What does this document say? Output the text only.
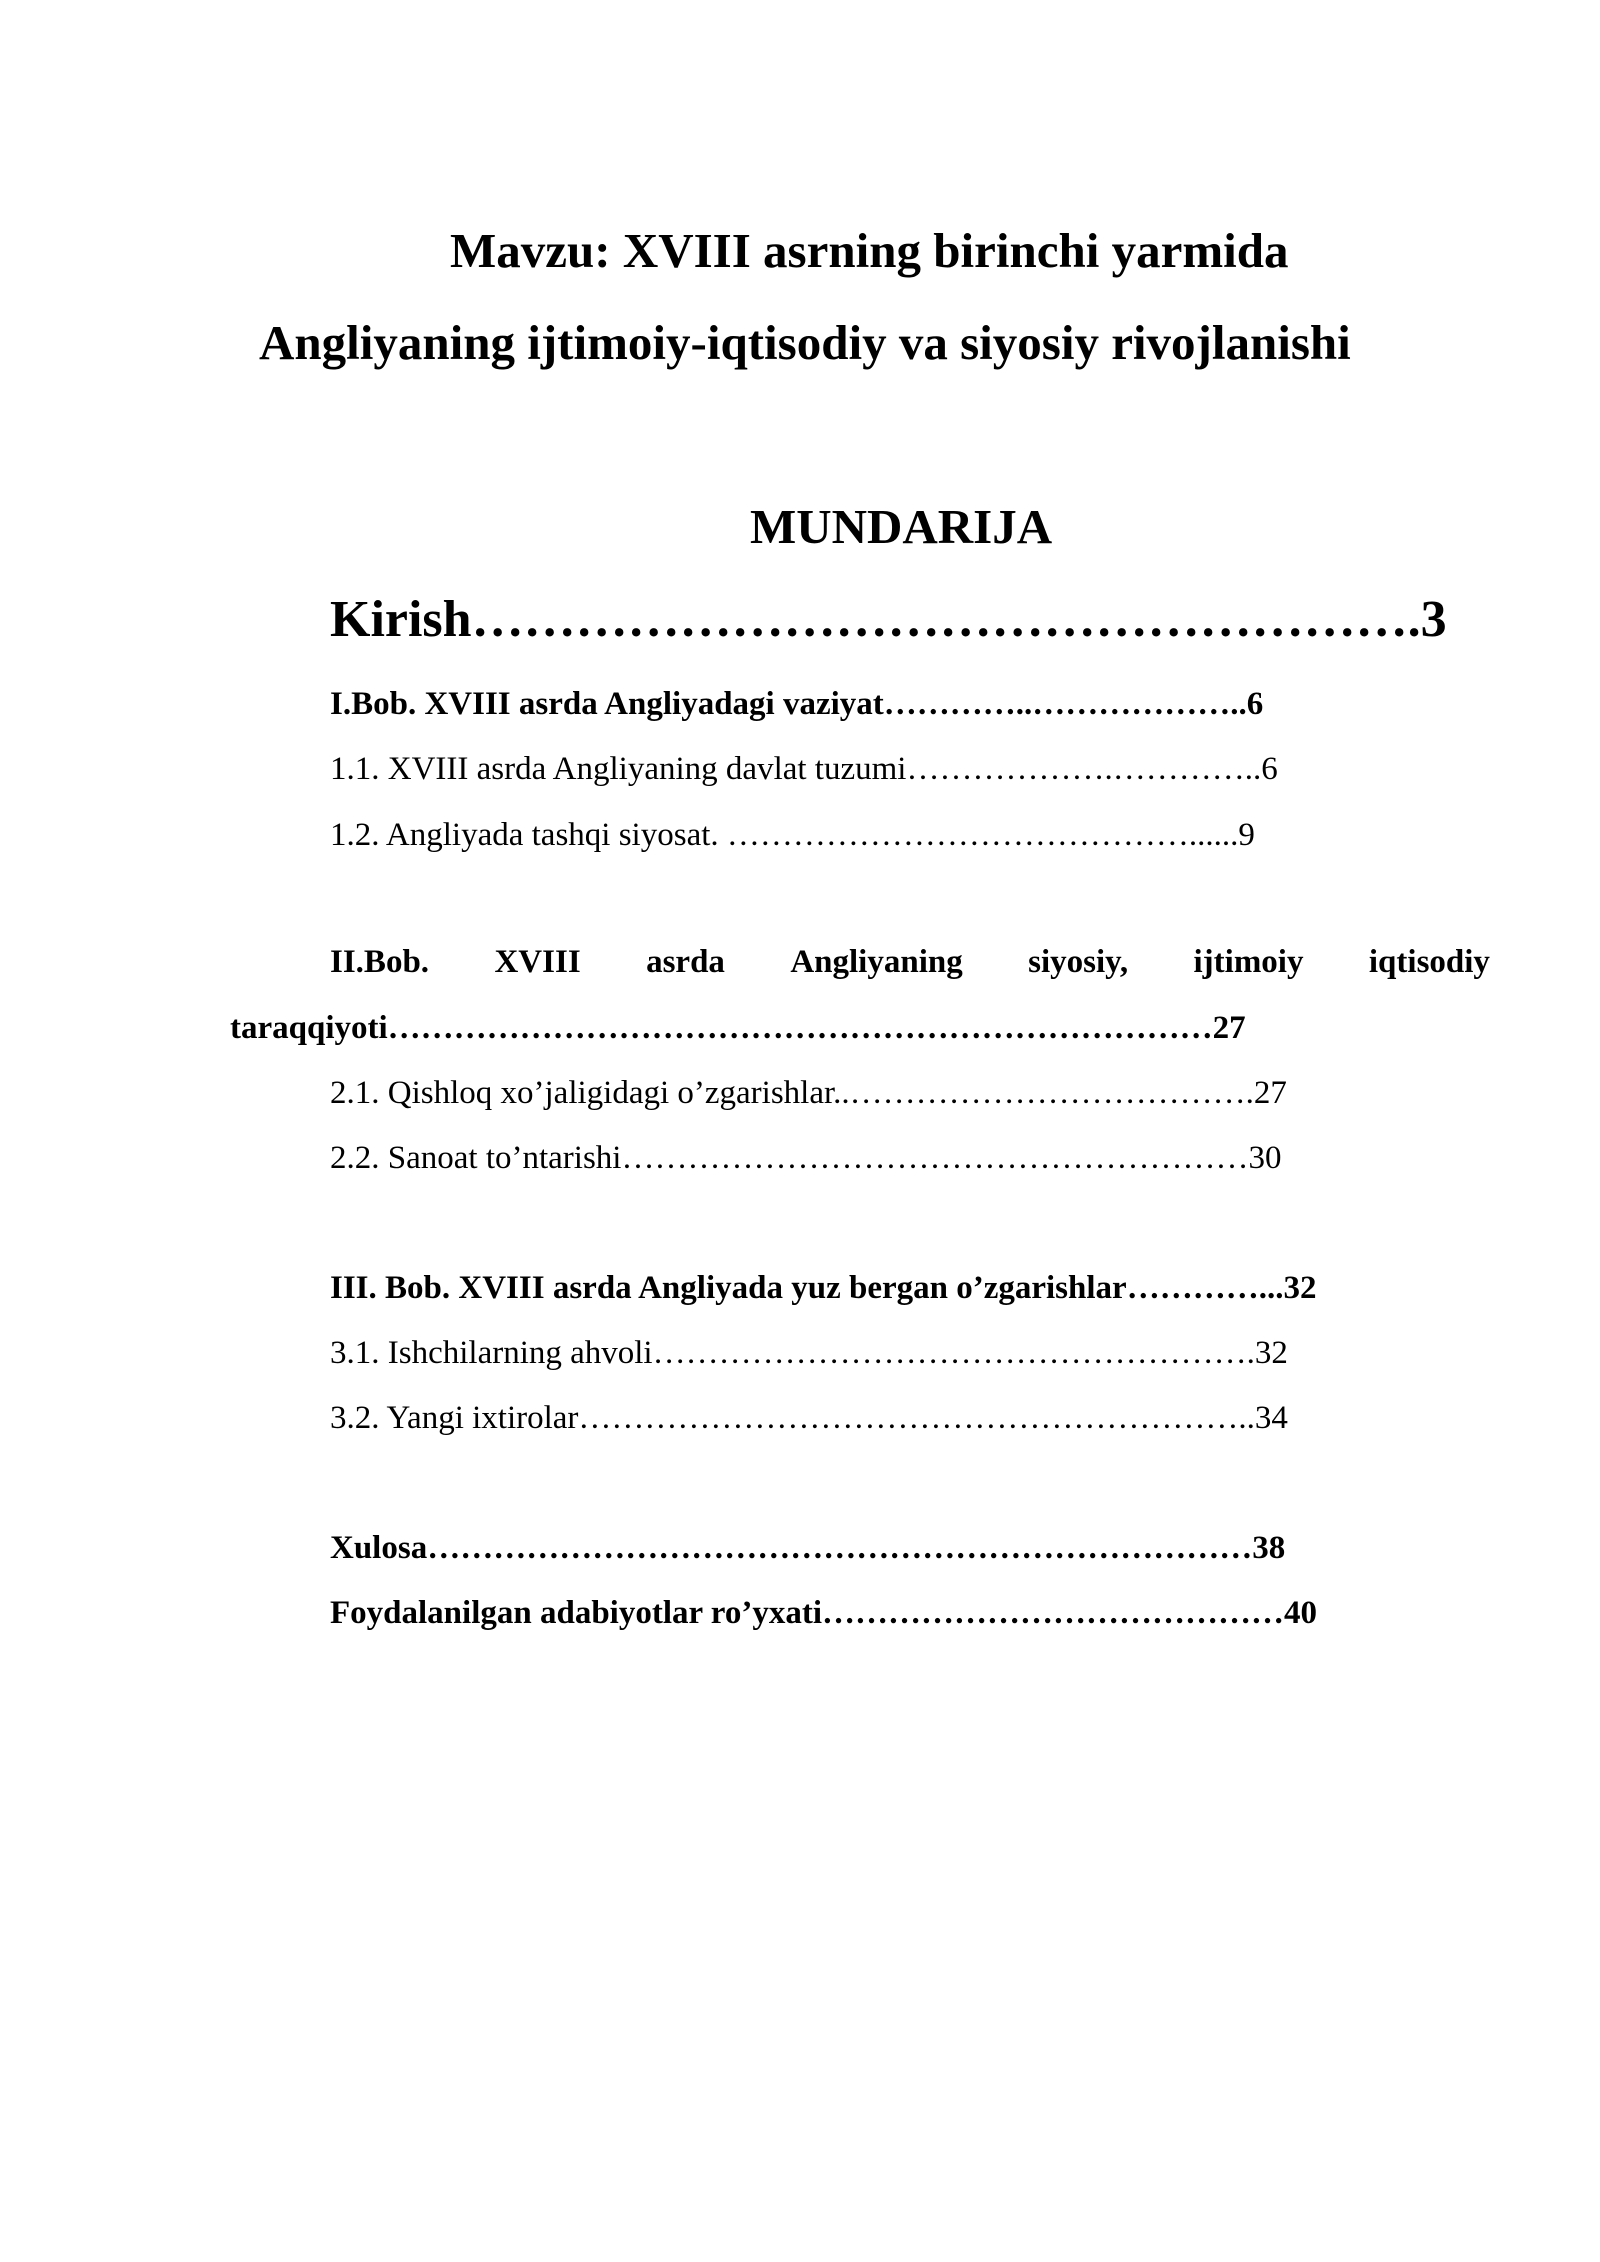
Mavzu: XVIII asrning birinchi yarmida
Angliyaning ijtimoiy-iqtisodiy va siyosiy rivojlanishi
MUNDARIJA
Kirish……………………………………………….3
I.Bob. XVIII asrda Angliyadagi vaziyat…………..………………..6
1.1. XVIII asrda Angliyaning davlat tuzumi……………….…………..6
1.2. Angliyada tashqi siyosat. ……………………………………......9
II.Bob. XVIII asrda Angliyaning siyosiy, ijtimoiy iqtisodiy
taraqqiyoti…………………………………………………………………27
2.1. Qishloq xo’jaligidagi o’zgarishlar..……………………………….27
2.2. Sanoat to’ntarishi…………………………………………………30
III. Bob. XVIII asrda Angliyada yuz bergan o’zgarishlar…………...32
3.1. Ishchilarning ahvoli……………………………………………….32
3.2. Yangi ixtirolar……………………………………………………..34
Xulosa…………………………………………………………………38
Foydalanilgan adabiyotlar ro’yxati……………………………………40
